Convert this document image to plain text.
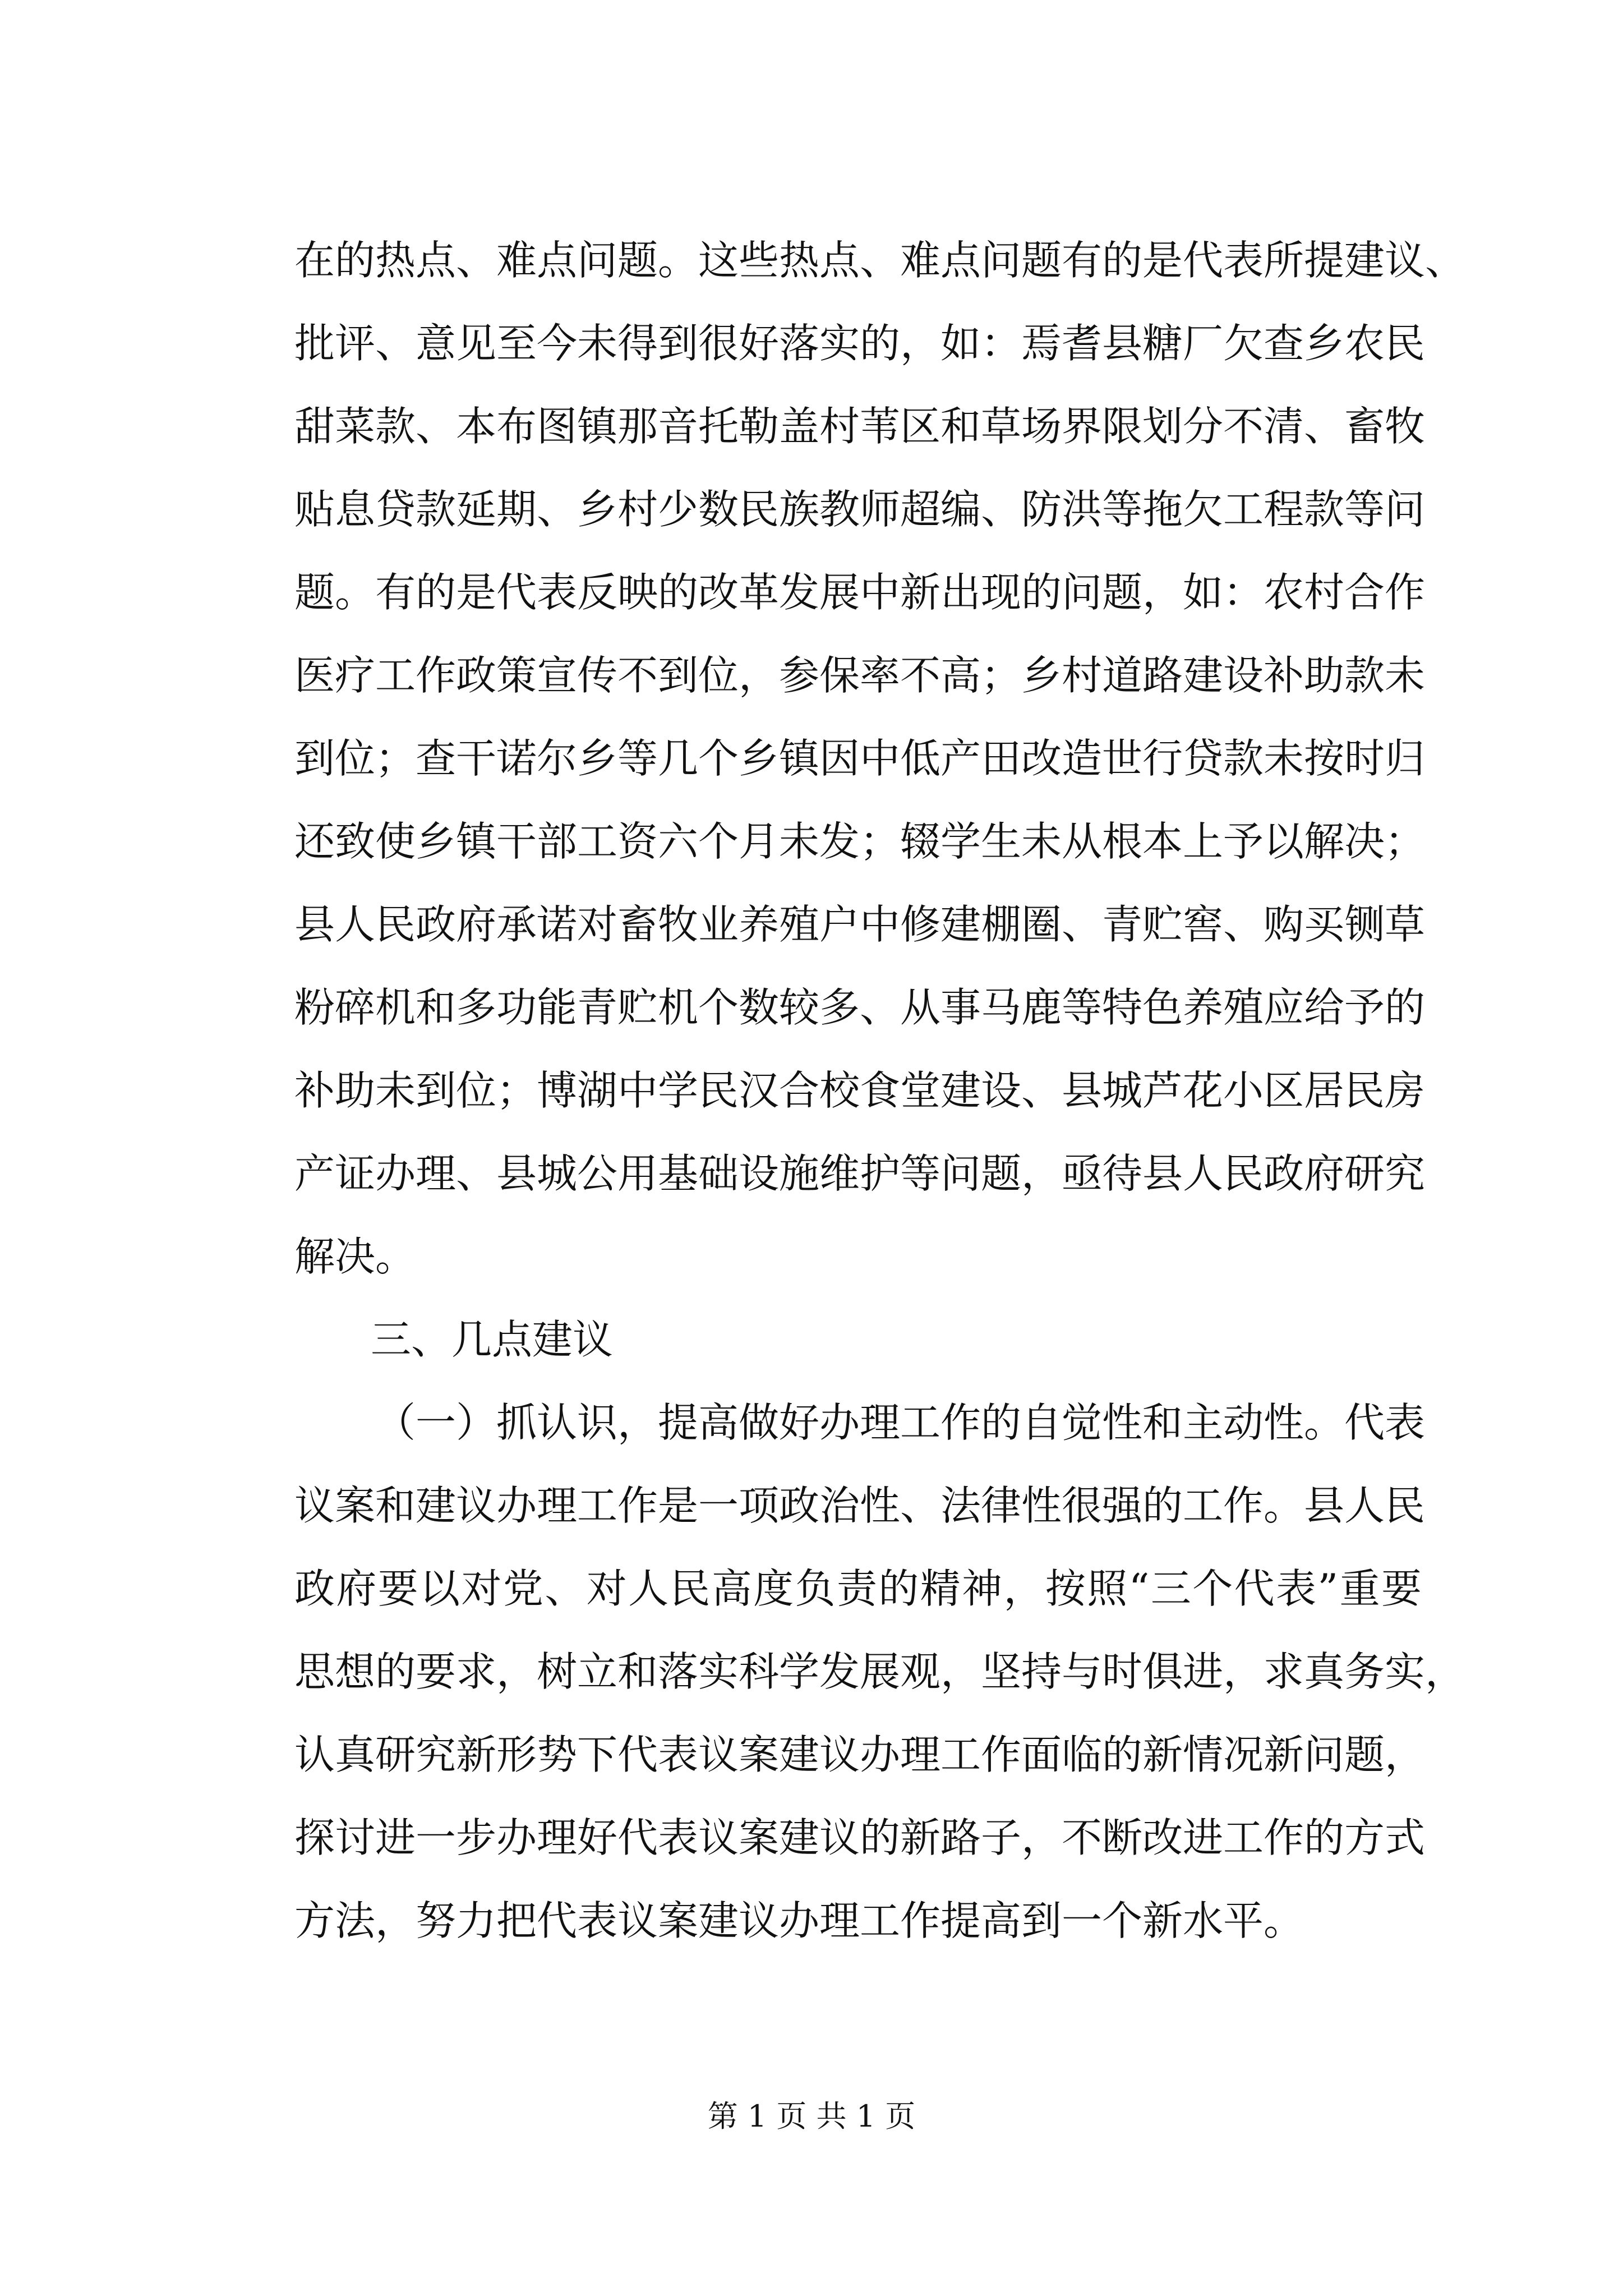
在的热点、难点问题。这些热点、难点问题有的是代表所提建议、
批评、意见至今未得到很好落实的，如：焉耆县糖厂欠查乡农民
甜菜款、本布图镇那音托勒盖村苇区和草场界限划分不清、畜牧
贴息贷款延期、乡村少数民族教师超编、防洪等拖欠工程款等问
题。有的是代表反映的改革发展中新出现的问题，如：农村合作
医疗工作政策宣传不到位，参保率不高；乡村道路建设补助款未
到位；查干诺尔乡等几个乡镇因中低产田改造世行贷款未按时归
还致使乡镇干部工资六个月未发；辍学生未从根本上予以解决；
县人民政府承诺对畜牧业养殖户中修建棚圈、青贮窖、购买铡草
粉碎机和多功能青贮机个数较多、从事马鹿等特色养殖应给予的
补助未到位；博湖中学民汉合校食堂建设、县城芦花小区居民房
产证办理、县城公用基础设施维护等问题，亟待县人民政府研究
解决。
三、几点建议
（一）抓认识，提高做好办理工作的自觉性和主动性。代表
议案和建议办理工作是一项政治性、法律性很强的工作。县人民
政府要以对党、对人民高度负责的精神，按照“三个代表”重要
思想的要求，树立和落实科学发展观，坚持与时俱进，求真务实，
认真研究新形势下代表议案建议办理工作面临的新情况新问题，
探讨进一步办理好代表议案建议的新路子，不断改进工作的方式
方法，努力把代表议案建议办理工作提高到一个新水平。
第 1 页 共 1 页
